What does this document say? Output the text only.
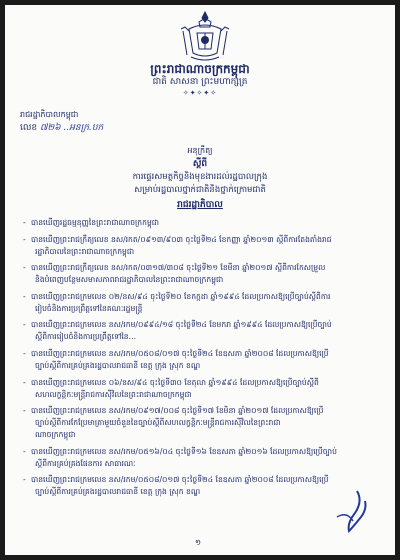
ព្រះរាជាណាចក្រកម្ពុជា
ជាតិ សាសនា ព្រះមហាក្សត្រ
✧✦✧✦✧
រាជរដ្ឋាភិបាលកម្ពុជា
លេខ ៧២៦ ..អនក្រ.បក
អនុក្រឹត្យ
ស្តីពី
ការផ្ទេរសមត្ថកិច្ចនិងមុខងារដល់រដ្ឋបាលក្រុង
សម្រាប់រដ្ឋបាលថ្នាក់ជាតិនិងថ្នាក់ក្រោមជាតិ
រាជរដ្ឋាភិបាល
- បានឃើញរដ្ឋធម្មនុញ្ញនៃព្រះរាជាណាចក្រកម្ពុជា
- បានឃើញព្រះរាជក្រឹត្យលេខ នស/រកត/០៩១៣/៩០៣ ចុះថ្ងៃទី២៤ ខែកញ្ញា ឆ្នាំ២០១៣ ស្តីពីការតែងតាំងរាជ
រដ្ឋាភិបាលនៃព្រះរាជាណាចក្រកម្ពុជា
- បានឃើញព្រះរាជក្រឹត្យលេខ នស/រកត/០៣១៧/៣០៨ ចុះថ្ងៃទី២១ ខែមីនា ឆ្នាំ២០១៧ ស្តីពីការកែសម្រួល
និងបំពេញបន្ថែមសមាសភាពរាជរដ្ឋាភិបាលនៃព្រះរាជាណាចក្រកម្ពុជា
- បានឃើញព្រះរាជក្រមលេខ ០២/នស/៩៤ ចុះថ្ងៃទី២០ ខែកក្កដា ឆ្នាំ១៩៩៤ ដែលប្រកាសឱ្យប្រើច្បាប់ស្តីពីការ
រៀបចំនិងការប្រព្រឹត្តទៅនៃគណៈរដ្ឋមន្ត្រី
- បានឃើញព្រះរាជក្រមលេខ នស/រកម/០៩៩៤/១៨ ចុះថ្ងៃទី២៤ ខែមករា ឆ្នាំ១៩៩៤ ដែលប្រកាសឱ្យប្រើច្បាប់
ស្តីពីការរៀបចំនិងការប្រព្រឹត្តទៅនៃ…
- បានឃើញព្រះរាជក្រមលេខ នស/រកម/០៥០៨/០១៧ ចុះថ្ងៃទី២៤ ខែឧសភា ឆ្នាំ២០០៨ ដែលប្រកាសឱ្យប្រើ
ច្បាប់ស្តីពីការគ្រប់គ្រងរដ្ឋបាលរាជធានី ខេត្ត ក្រុង ស្រុក ខណ្ឌ
- បានឃើញព្រះរាជក្រមលេខ ០៦/នស/៩៤ ចុះថ្ងៃទី៣០ ខែតុលា ឆ្នាំ១៩៩៤ ដែលប្រកាសឱ្យប្រើច្បាប់ស្តីពី
សហលក្ខន្តិកៈមន្ត្រីរាជការស៊ីវិលនៃព្រះរាជាណាចក្រកម្ពុជា
- បានឃើញព្រះរាជក្រមលេខ នស/រកម/០៩១៧/០០៨ ចុះថ្ងៃទី១៧ ខែមិនា ឆ្នាំ២០១៧ ដែលប្រកាសឱ្យប្រើ
ច្បាប់ស្តីពីការកែប្រែមាត្រាមួយចំនួននៃច្បាប់ស្តីពីសហលក្ខន្តិកៈមន្ត្រីរាជការស៊ីវិលនៃព្រះរាជា
ណាចក្រកម្ពុជា
- បានឃើញព្រះរាជក្រមលេខ នស/រកម/០៥១៦/០៤ ចុះថ្ងៃទី១៦ ខែឧសភា ឆ្នាំ២០១៦ ដែលប្រកាសឱ្យប្រើច្បាប់
ស្តីពីការគ្រប់គ្រងផែនការ សាធារណៈ
- បានឃើញព្រះរាជក្រមលេខ នស/រកម/០៥០៨/០១៧ ចុះថ្ងៃទី២៤ ខែឧសភា ឆ្នាំ២០០៨ ដែលប្រកាសឱ្យប្រើ
ច្បាប់ស្តីពីការគ្រប់គ្រងរដ្ឋបាលរាជធានី ខេត្ត ក្រុង ស្រុក ខណ្ឌ
១
